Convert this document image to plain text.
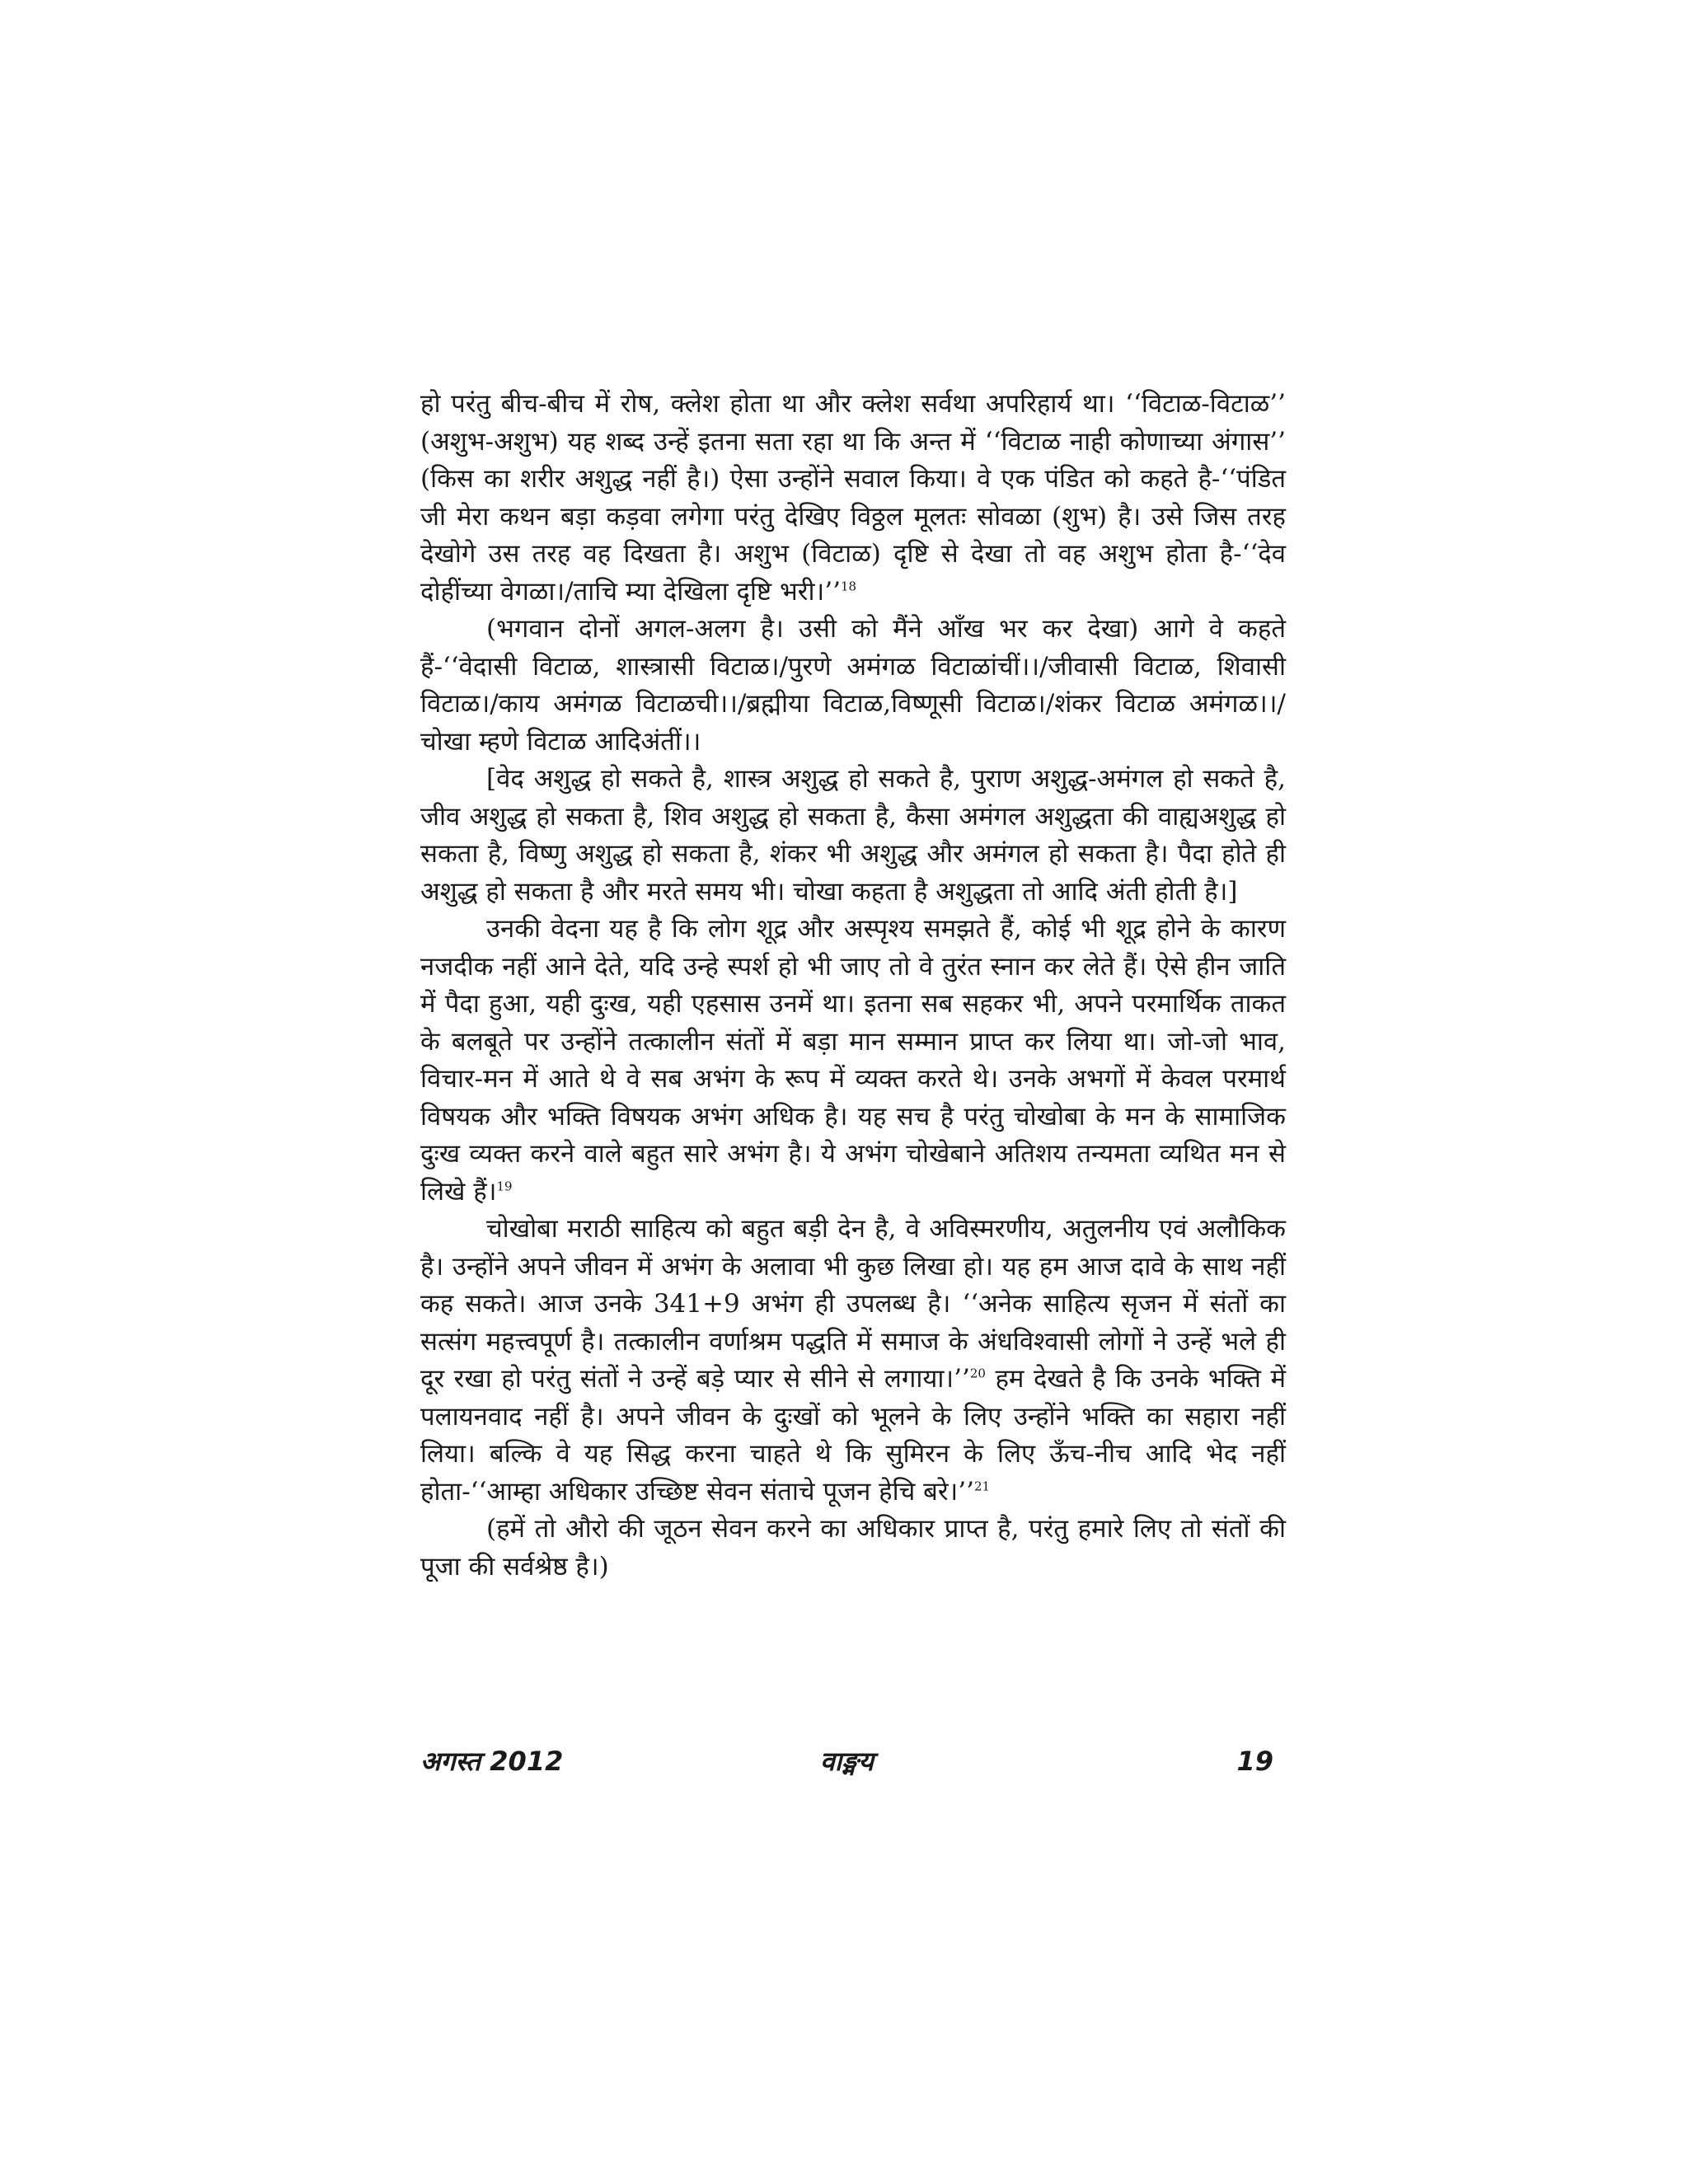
हो परंतु बीच-बीच में रोष, क्लेश होता था और क्लेश सर्वथा अपरिहार्य था। ‘‘विटाळ-विटाळ’’ (अशुभ-अशुभ) यह शब्द उन्हें इतना सता रहा था कि अन्त में ‘‘विटाळ नाही कोणाच्या अंगास’’ (किस का शरीर अशुद्ध नहीं है।) ऐसा उन्होंने सवाल किया। वे एक पंडित को कहते है-‘‘पंडित जी मेरा कथन बड़ा कड़वा लगेगा परंतु देखिए विठ्ठल मूलतः सोवळा (शुभ) है। उसे जिस तरह देखोगे उस तरह वह दिखता है। अशुभ (विटाळ) दृष्टि से देखा तो वह अशुभ होता है-‘‘देव दोहींच्या वेगळा।/ताचि म्या देखिला दृष्टि भरी।’’$^{18}$

(भगवान दोनों अगल-अलग है। उसी को मैंने आँख भर कर देखा) आगे वे कहते हैं-‘‘वेदासी विटाळ, शास्त्रासी विटाळ।/पुरणे अमंगळ विटाळांचीं।।/जीवासी विटाळ, शिवासी विटाळ।/काय अमंगळ विटाळची।।/ब्रह्मीया विटाळ,विष्णूसी विटाळ।/शंकर विटाळ अमंगळ।।/चोखा म्हणे विटाळ आदिअंतीं।।

[वेद अशुद्ध हो सकते है, शास्त्र अशुद्ध हो सकते है, पुराण अशुद्ध-अमंगल हो सकते है, जीव अशुद्ध हो सकता है, शिव अशुद्ध हो सकता है, कैसा अमंगल अशुद्धता की वाह्यअशुद्ध हो सकता है, विष्णु अशुद्ध हो सकता है, शंकर भी अशुद्ध और अमंगल हो सकता है। पैदा होते ही अशुद्ध हो सकता है और मरते समय भी। चोखा कहता है अशुद्धता तो आदि अंती होती है।]

उनकी वेदना यह है कि लोग शूद्र और अस्पृश्य समझते हैं, कोई भी शूद्र होने के कारण नजदीक नहीं आने देते, यदि उन्हे स्पर्श हो भी जाए तो वे तुरंत स्नान कर लेते हैं। ऐसे हीन जाति में पैदा हुआ, यही दुःख, यही एहसास उनमें था। इतना सब सहकर भी, अपने परमार्थिक ताकत के बलबूते पर उन्होंने तत्कालीन संतों में बड़ा मान सम्मान प्राप्त कर लिया था। जो-जो भाव, विचार-मन में आते थे वे सब अभंग के रूप में व्यक्त करते थे। उनके अभगों में केवल परमार्थ विषयक और भक्ति विषयक अभंग अधिक है। यह सच है परंतु चोखोबा के मन के सामाजिक दुःख व्यक्त करने वाले बहुत सारे अभंग है। ये अभंग चोखेबाने अतिशय तन्यमता व्यथित मन से लिखे हैं।$^{19}$

चोखोबा मराठी साहित्य को बहुत बड़ी देन है, वे अविस्मरणीय, अतुलनीय एवं अलौकिक है। उन्होंने अपने जीवन में अभंग के अलावा भी कुछ लिखा हो। यह हम आज दावे के साथ नहीं कह सकते। आज उनके 341+9 अभंग ही उपलब्ध है। ‘‘अनेक साहित्य सृजन में संतों का सत्संग महत्त्वपूर्ण है। तत्कालीन वर्णाश्रम पद्धति में समाज के अंधविश्वासी लोगों ने उन्हें भले ही दूर रखा हो परंतु संतों ने उन्हें बड़े प्यार से सीने से लगाया।’’$^{20}$ हम देखते है कि उनके भक्ति में पलायनवाद नहीं है। अपने जीवन के दुःखों को भूलने के लिए उन्होंने भक्ति का सहारा नहीं लिया। बल्कि वे यह सिद्ध करना चाहते थे कि सुमिरन के लिए ऊँच-नीच आदि भेद नहीं होता-‘‘आम्हा अधिकार उच्छिष्ट सेवन संताचे पूजन हेचि बरे।’’$^{21}$

(हमें तो औरो की जूठन सेवन करने का अधिकार प्राप्त है, परंतु हमारे लिए तो संतों की पूजा की सर्वश्रेष्ठ है।)

अगस्त 2012	वाङ्मय	19
